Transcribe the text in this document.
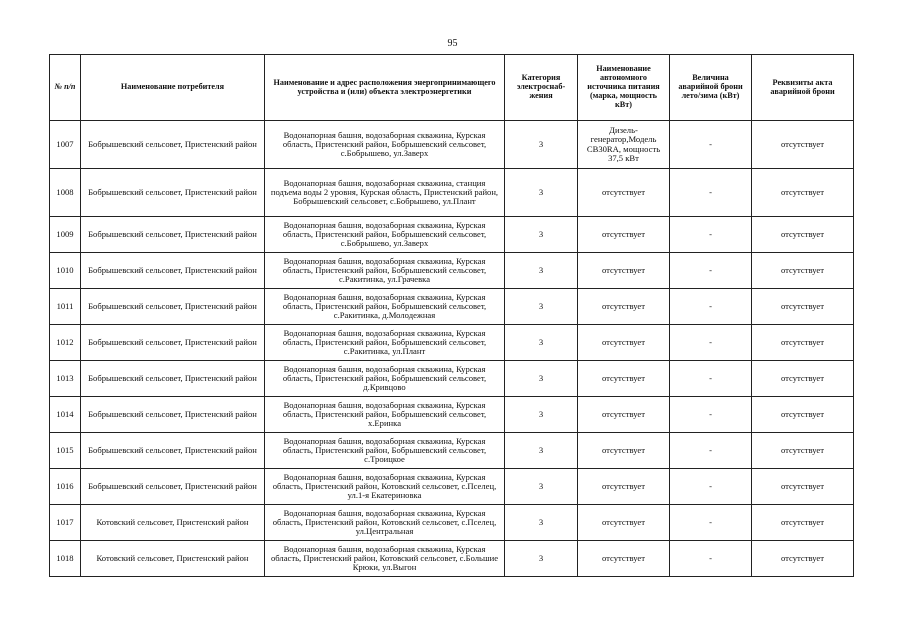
95
№ п/п	Наименование потребителя	Наименование и адрес расположения энергопринимающего устройства и (или) объекта электроэнергетики	Категория электроснаб-жения	Наименование автономного источника питания (марка, мощность кВт)	Величина аварийной брони лето/зима (кВт)	Реквизиты акта аварийной брони
1007	Бобрышевский сельсовет, Пристенский район	Водонапорная башня, водозаборная скважина, Курская область, Пристенский район, Бобрышевский сельсовет, с.Бобрышево, ул.Заверх	3	Дизель-генератор,Модель CB30RA, мощность 37,5 кВт	-	отсутствует
1008	Бобрышевский сельсовет, Пристенский район	Водонапорная башня, водозаборная скважина, станция подъема воды 2 уровня, Курская область, Пристенский район, Бобрышевский сельсовет, с.Бобрышево, ул.Плант	3	отсутствует	-	отсутствует
1009	Бобрышевский сельсовет, Пристенский район	Водонапорная башня, водозаборная скважина, Курская область, Пристенский район, Бобрышевский сельсовет, с.Бобрышево, ул.Заверх	3	отсутствует	-	отсутствует
1010	Бобрышевский сельсовет, Пристенский район	Водонапорная башня, водозаборная скважина, Курская область, Пристенский район, Бобрышевский сельсовет, с.Ракитинка, ул.Грачевка	3	отсутствует	-	отсутствует
1011	Бобрышевский сельсовет, Пристенский район	Водонапорная башня, водозаборная скважина, Курская область, Пристенский район, Бобрышевский сельсовет, с.Ракитинка, д.Молодежная	3	отсутствует	-	отсутствует
1012	Бобрышевский сельсовет, Пристенский район	Водонапорная башня, водозаборная скважина, Курская область, Пристенский район, Бобрышевский сельсовет, с.Ракитинка, ул.Плант	3	отсутствует	-	отсутствует
1013	Бобрышевский сельсовет, Пристенский район	Водонапорная башня, водозаборная скважина, Курская область, Пристенский район, Бобрышевский сельсовет, д.Кривцово	3	отсутствует	-	отсутствует
1014	Бобрышевский сельсовет, Пристенский район	Водонапорная башня, водозаборная скважина, Курская область, Пристенский район, Бобрышевский сельсовет, х.Еринка	3	отсутствует	-	отсутствует
1015	Бобрышевский сельсовет, Пристенский район	Водонапорная башня, водозаборная скважина, Курская область, Пристенский район, Бобрышевский сельсовет, с.Троицкое	3	отсутствует	-	отсутствует
1016	Бобрышевский сельсовет, Пристенский район	Водонапорная башня, водозаборная скважина, Курская область, Пристенский район, Котовский сельсовет, с.Пселец, ул.1-я Екатериновка	3	отсутствует	-	отсутствует
1017	Котовский сельсовет, Пристенский район	Водонапорная башня, водозаборная скважина, Курская область, Пристенский район, Котовский сельсовет, с.Пселец, ул.Центральная	3	отсутствует	-	отсутствует
1018	Котовский сельсовет, Пристенский район	Водонапорная башня, водозаборная скважина, Курская область, Пристенский район, Котовский сельсовет, с.Большие Крюки, ул.Выгон	3	отсутствует	-	отсутствует
